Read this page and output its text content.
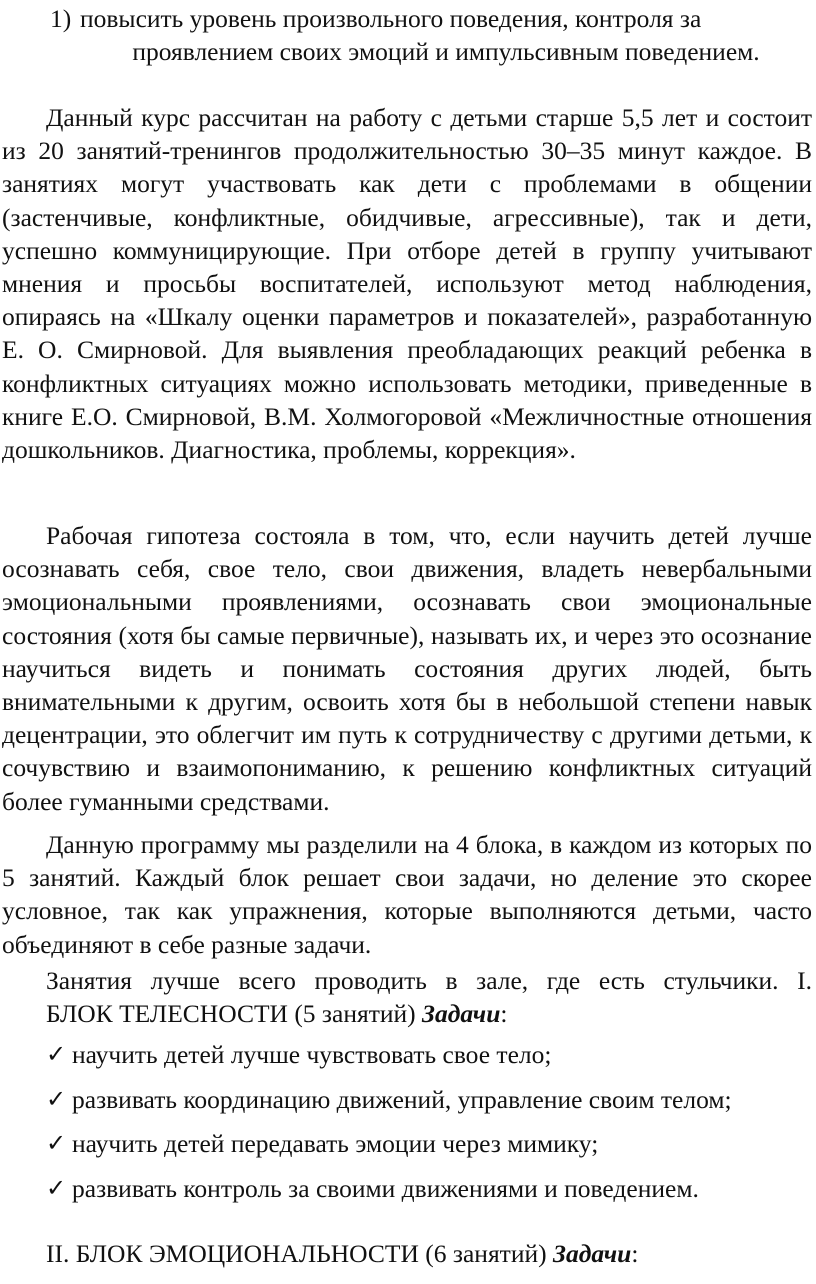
1) повысить уровень произвольного поведения, контроля за
проявлением своих эмоций и импульсивным поведением.

Данный курс рассчитан на работу с детьми старше 5,5 лет и состоит из 20 занятий-тренингов продолжительностью 30–35 минут каждое. В занятиях могут участвовать как дети с проблемами в общении (застенчивые, конфликтные, обидчивые, агрессивные), так и дети, успешно коммуницирующие. При отборе детей в группу учитывают мнения и просьбы воспитателей, используют метод наблюдения, опираясь на «Шкалу оценки параметров и показателей», разработанную Е. О. Смирновой. Для выявления преобладающих реакций ребенка в конфликтных ситуациях можно использовать методики, приведенные в книге Е.О. Смирновой, В.М. Холмогоровой «Межличностные отношения дошкольников. Диагностика, проблемы, коррекция».

Рабочая гипотеза состояла в том, что, если научить детей лучше осознавать себя, свое тело, свои движения, владеть невербальными эмоциональными проявлениями, осознавать свои эмоциональные состояния (хотя бы самые первичные), называть их, и через это осознание научиться видеть и понимать состояния других людей, быть внимательными к другим, освоить хотя бы в небольшой степени навык децентрации, это облегчит им путь к сотрудничеству с другими детьми, к сочувствию и взаимопониманию, к решению конфликтных ситуаций более гуманными средствами.

Данную программу мы разделили на 4 блока, в каждом из которых по 5 занятий. Каждый блок решает свои задачи, но деление это скорее условное, так как упражнения, которые выполняются детьми, часто объединяют в себе разные задачи.

Занятия лучше всего проводить в зале, где есть стульчики. I.
БЛОК ТЕЛЕСНОСТИ (5 занятий) Задачи:

✓ научить детей лучше чувствовать свое тело;
✓ развивать координацию движений, управление своим телом;
✓ научить детей передавать эмоции через мимику;
✓ развивать контроль за своими движениями и поведением.

II. БЛОК ЭМОЦИОНАЛЬНОСТИ (6 занятий) Задачи:
